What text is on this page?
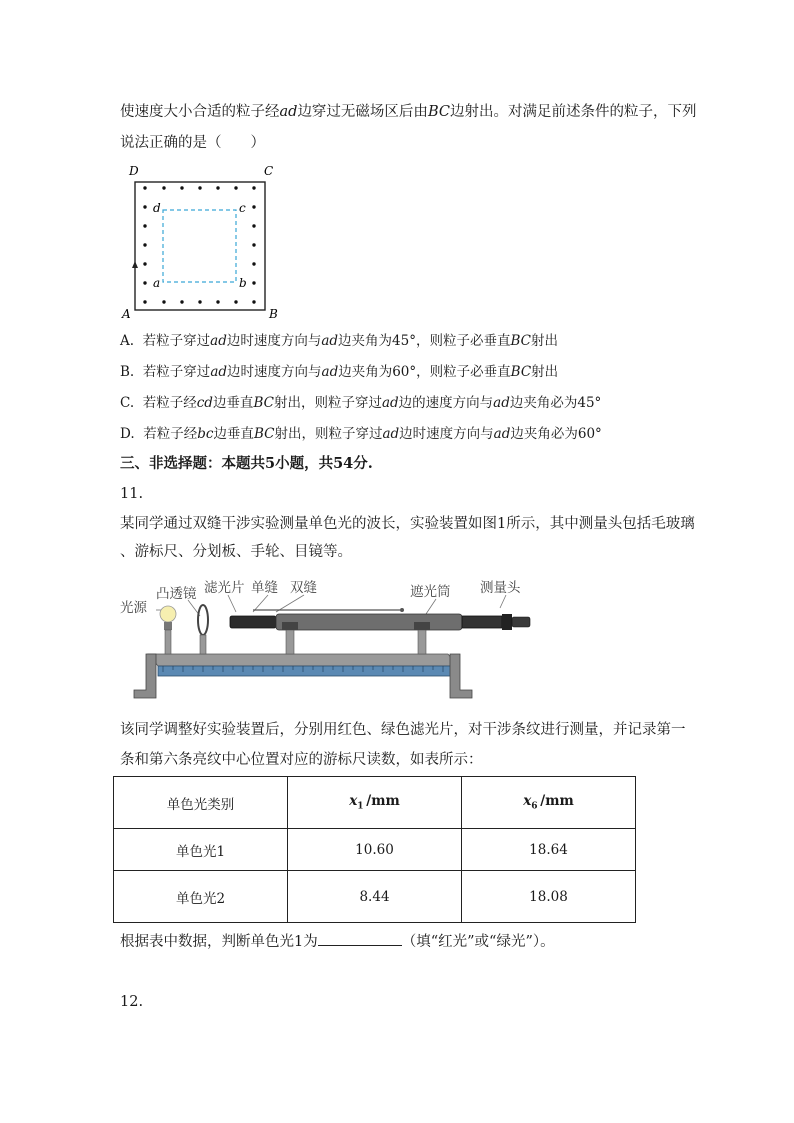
使速度大小合适的粒子经ad边穿过无磁场区后由BC边射出。对满足前述条件的粒子，下列
说法正确的是（　　）
D	C
A	B
d	c
a	b
A. 若粒子穿过ad边时速度方向与ad边夹角为45°，则粒子必垂直BC射出
B. 若粒子穿过ad边时速度方向与ad边夹角为60°，则粒子必垂直BC射出
C. 若粒子经cd边垂直BC射出，则粒子穿过ad边的速度方向与ad边夹角必为45°
D. 若粒子经bc边垂直BC射出，则粒子穿过ad边时速度方向与ad边夹角必为60°
三、非选择题：本题共5小题，共54分.
11.
某同学通过双缝干涉实验测量单色光的波长，实验装置如图1所示，其中测量头包括毛玻璃
、游标尺、分划板、手轮、目镜等。
光源
凸透镜 滤光片 单缝 双缝	遮光筒 测量头
该同学调整好实验装置后，分别用红色、绿色滤光片，对干涉条纹进行测量，并记录第一
条和第六条亮纹中心位置对应的游标尺读数，如表所示：
单色光类别	$x_1$  /mm	$x_6$  /mm
单色光1	10.60	18.64
单色光2	8.44	18.08
根据表中数据，判断单色光1为	（填“红光”或“绿光”）。
12.
